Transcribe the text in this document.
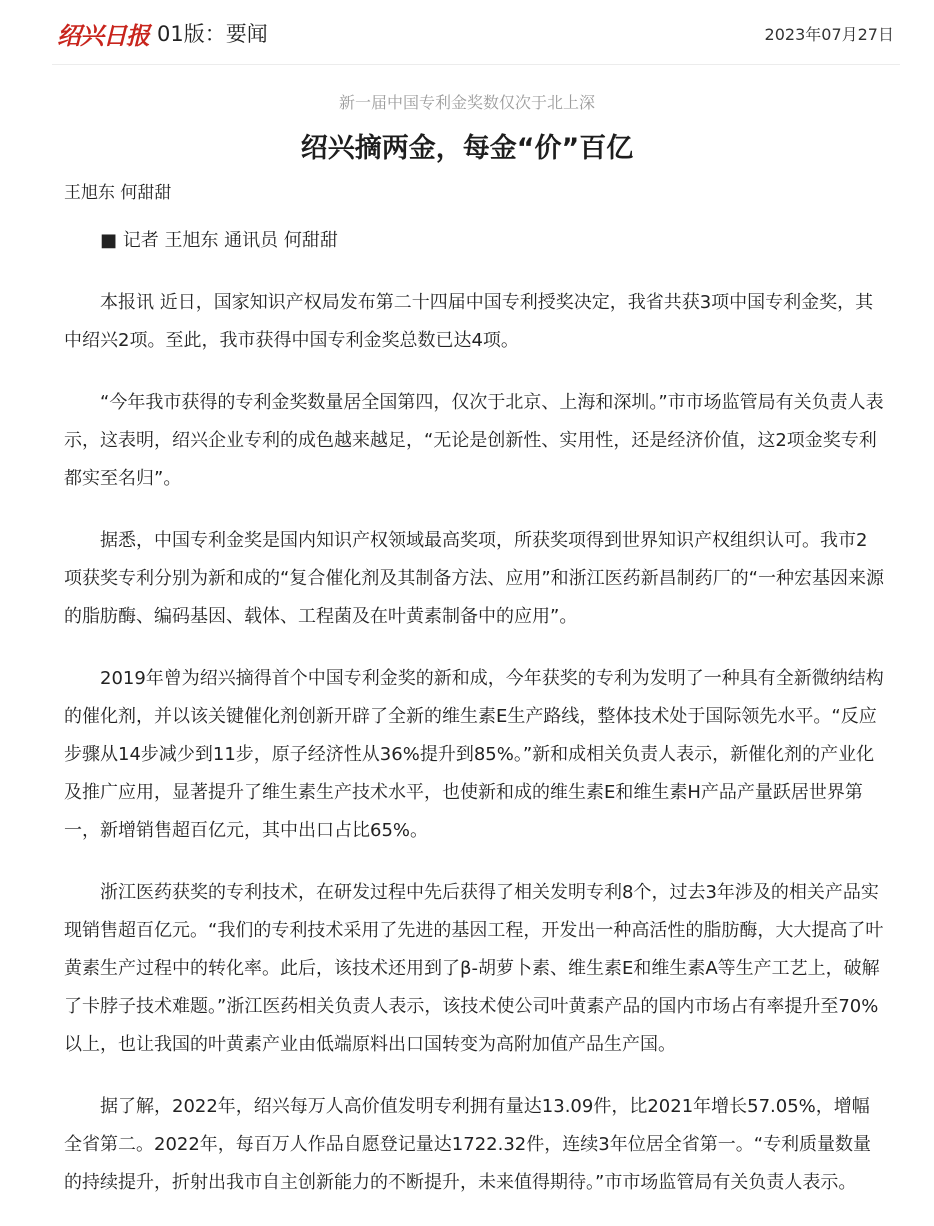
绍兴日报 01版：要闻	2023年07月27日
新一届中国专利金奖数仅次于北上深
绍兴摘两金，每金“价”百亿
王旭东 何甜甜

■ 记者 王旭东 通讯员 何甜甜

本报讯 近日，国家知识产权局发布第二十四届中国专利授奖决定，我省共获3项中国专利金奖，其中绍兴2项。至此，我市获得中国专利金奖总数已达4项。

“今年我市获得的专利金奖数量居全国第四，仅次于北京、上海和深圳。”市市场监管局有关负责人表示，这表明，绍兴企业专利的成色越来越足，“无论是创新性、实用性，还是经济价值，这2项金奖专利都实至名归”。

据悉，中国专利金奖是国内知识产权领域最高奖项，所获奖项得到世界知识产权组织认可。我市2项获奖专利分别为新和成的“复合催化剂及其制备方法、应用”和浙江医药新昌制药厂的“一种宏基因来源的脂肪酶、编码基因、载体、工程菌及在叶黄素制备中的应用”。

2019年曾为绍兴摘得首个中国专利金奖的新和成，今年获奖的专利为发明了一种具有全新微纳结构的催化剂，并以该关键催化剂创新开辟了全新的维生素E生产路线，整体技术处于国际领先水平。“反应步骤从14步减少到11步，原子经济性从36%提升到85%。”新和成相关负责人表示，新催化剂的产业化及推广应用，显著提升了维生素生产技术水平，也使新和成的维生素E和维生素H产品产量跃居世界第一，新增销售超百亿元，其中出口占比65%。

浙江医药获奖的专利技术，在研发过程中先后获得了相关发明专利8个，过去3年涉及的相关产品实现销售超百亿元。“我们的专利技术采用了先进的基因工程，开发出一种高活性的脂肪酶，大大提高了叶黄素生产过程中的转化率。此后，该技术还用到了β-胡萝卜素、维生素E和维生素A等生产工艺上，破解了卡脖子技术难题。”浙江医药相关负责人表示，该技术使公司叶黄素产品的国内市场占有率提升至70%以上，也让我国的叶黄素产业由低端原料出口国转变为高附加值产品生产国。

据了解，2022年，绍兴每万人高价值发明专利拥有量达13.09件，比2021年增长57.05%，增幅全省第二。2022年，每百万人作品自愿登记量达1722.32件，连续3年位居全省第一。“专利质量数量的持续提升，折射出我市自主创新能力的不断提升，未来值得期待。”市市场监管局有关负责人表示。
